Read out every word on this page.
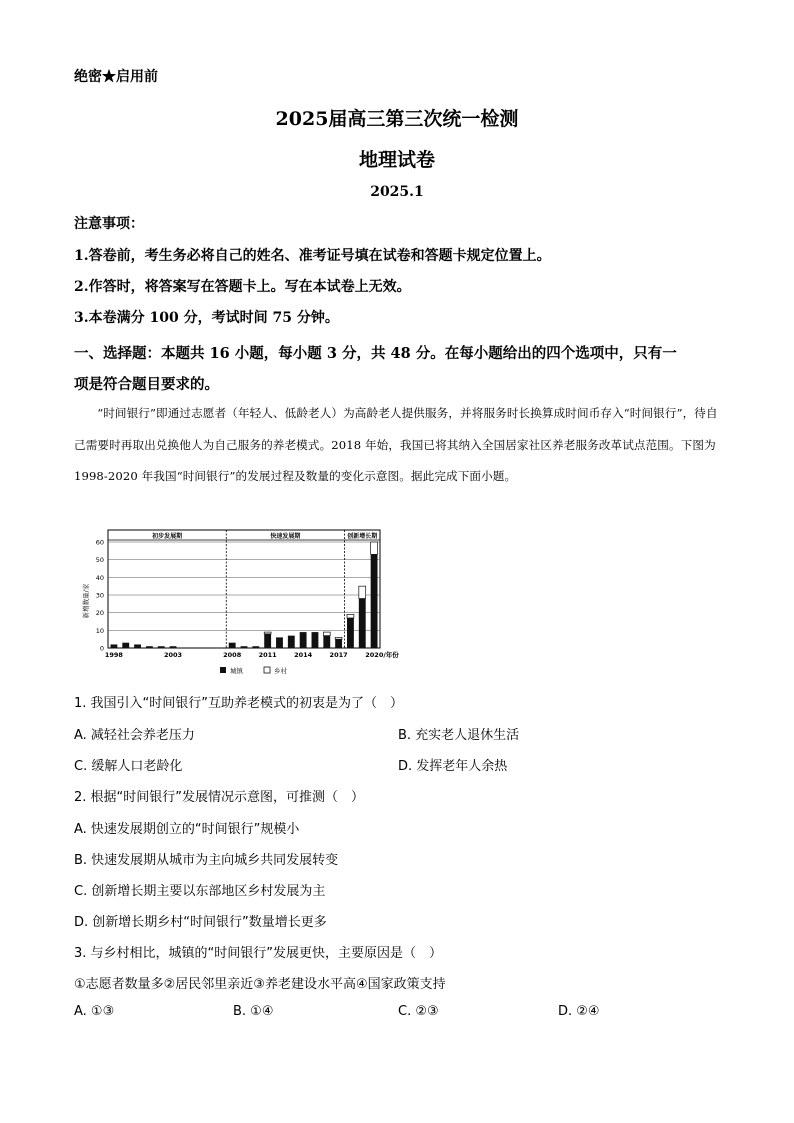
绝密★启用前
2025届高三第三次统一检测
地理试卷
2025.1
注意事项：
1.答卷前，考生务必将自己的姓名、准考证号填在试卷和答题卡规定位置上。
2.作答时，将答案写在答题卡上。写在本试卷上无效。
3.本卷满分 100 分，考试时间 75 分钟。
一、选择题：本题共 16 小题，每小题 3 分，共 48 分。在每小题给出的四个选项中，只有一
项是符合题目要求的。
“时间银行”即通过志愿者（年轻人、低龄老人）为高龄老人提供服务，并将服务时长换算成时间币存入“时间银行”，待自己需要时再取出兑换他人为自己服务的养老模式。2018 年始，我国已将其纳入全国居家社区养老服务改革试点范围。下图为 1998-2020 年我国“时间银行”的发展过程及数量的变化示意图。据此完成下面小题。
60
50
40
30
20
10
0
初步发展期	快速发展期	创新增长期
新增数量/家
1998	2003	2008	2011	2014	2017	2020/年份
城镇	乡村
1. 我国引入“时间银行”互助养老模式的初衷是为了（　）
A. 减轻社会养老压力	B. 充实老人退休生活
C. 缓解人口老龄化	D. 发挥老年人余热
2. 根据“时间银行”发展情况示意图，可推测（　）
A. 快速发展期创立的“时间银行”规模小
B. 快速发展期从城市为主向城乡共同发展转变
C. 创新增长期主要以东部地区乡村发展为主
D. 创新增长期乡村“时间银行”数量增长更多
3. 与乡村相比，城镇的“时间银行”发展更快，主要原因是（　）
①志愿者数量多②居民邻里亲近③养老建设水平高④国家政策支持
A. ①③	B. ①④	C. ②③	D. ②④
